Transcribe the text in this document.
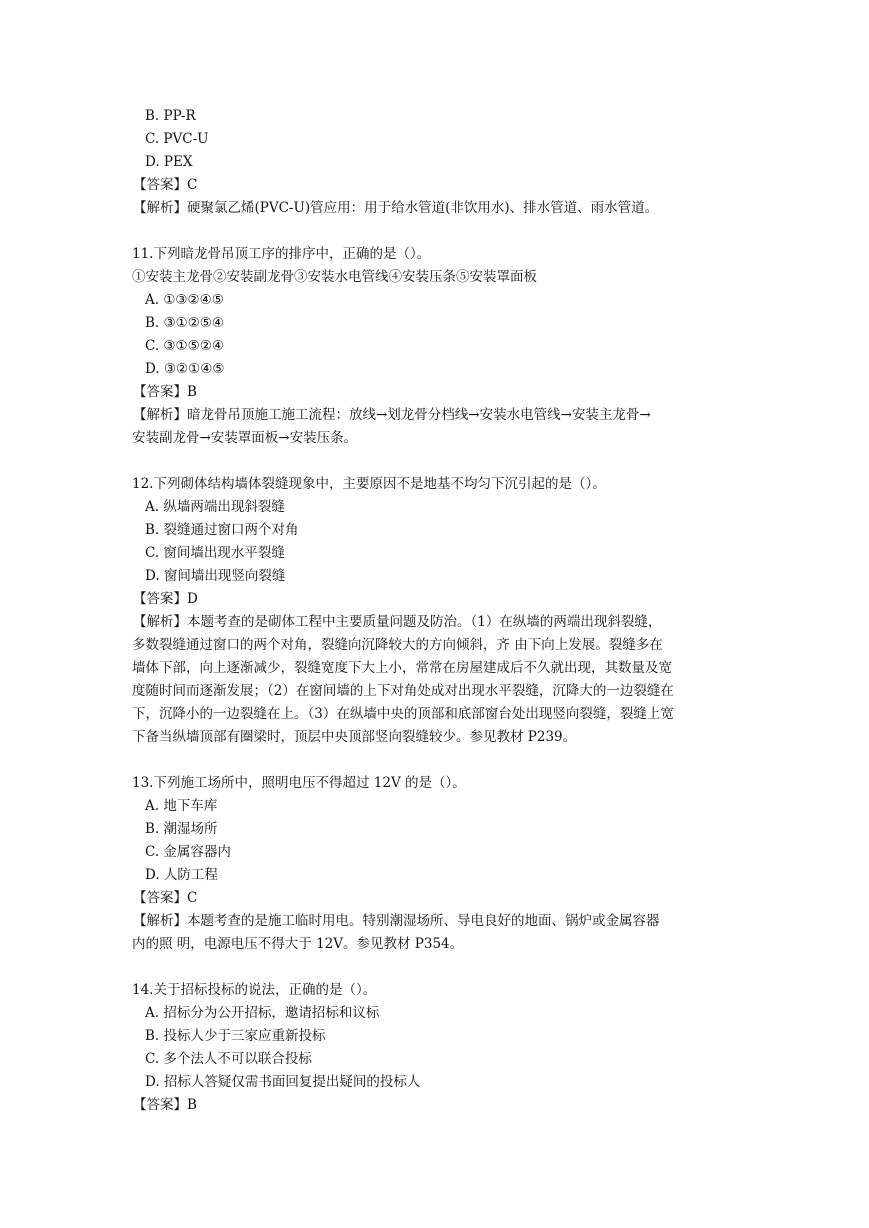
B. PP-R
C. PVC-U
D. PEX
【答案】C
【解析】硬聚氯乙烯(PVC-U)管应用：用于给水管道(非饮用水)、排水管道、雨水管道。
11.下列暗龙骨吊顶工序的排序中，正确的是（）。
①安装主龙骨②安装副龙骨③安装水电管线④安装压条⑤安装罩面板
A. ①③②④⑤
B. ③①②⑤④
C. ③①⑤②④
D. ③②①④⑤
【答案】B
【解析】暗龙骨吊顶施工施工流程：放线→划龙骨分档线→安装水电管线→安装主龙骨→
安装副龙骨→安装罩面板→安装压条。
12.下列砌体结构墙体裂缝现象中，主要原因不是地基不均匀下沉引起的是（）。
A. 纵墙两端出现斜裂缝
B. 裂缝通过窗口两个对角
C. 窗间墙出现水平裂缝
D. 窗间墙出现竖向裂缝
【答案】D
【解析】本题考查的是砌体工程中主要质量问题及防治。（1）在纵墙的两端出现斜裂缝，
多数裂缝通过窗口的两个对角，裂缝向沉降较大的方向倾斜，齐 由下向上发展。裂缝多在
墙体下部，向上逐渐减少，裂缝宽度下大上小，常常在房屋建成后不久就出现，其数量及宽
度随时间而逐渐发展；（2）在窗间墙的上下对角处成对出现水平裂缝，沉降大的一边裂缝在
下，沉降小的一边裂缝在上。（3）在纵墙中央的顶部和底部窗台处出现竖向裂缝，裂缝上宽
下备当纵墙顶部有圈梁时，顶层中央顶部竖向裂缝较少。参见教材 P239。
13.下列施工场所中，照明电压不得超过 12V 的是（）。
A. 地下车库
B. 潮湿场所
C. 金属容器内
D. 人防工程
【答案】C
【解析】本题考查的是施工临时用电。特别潮湿场所、导电良好的地面、锅炉或金属容器
内的照 明，电源电压不得大于 12V。参见教材 P354。
14.关于招标投标的说法，正确的是（）。
A. 招标分为公开招标，邀请招标和议标
B. 投标人少于三家应重新投标
C. 多个法人不可以联合投标
D. 招标人答疑仅需书面回复提出疑间的投标人
【答案】B
